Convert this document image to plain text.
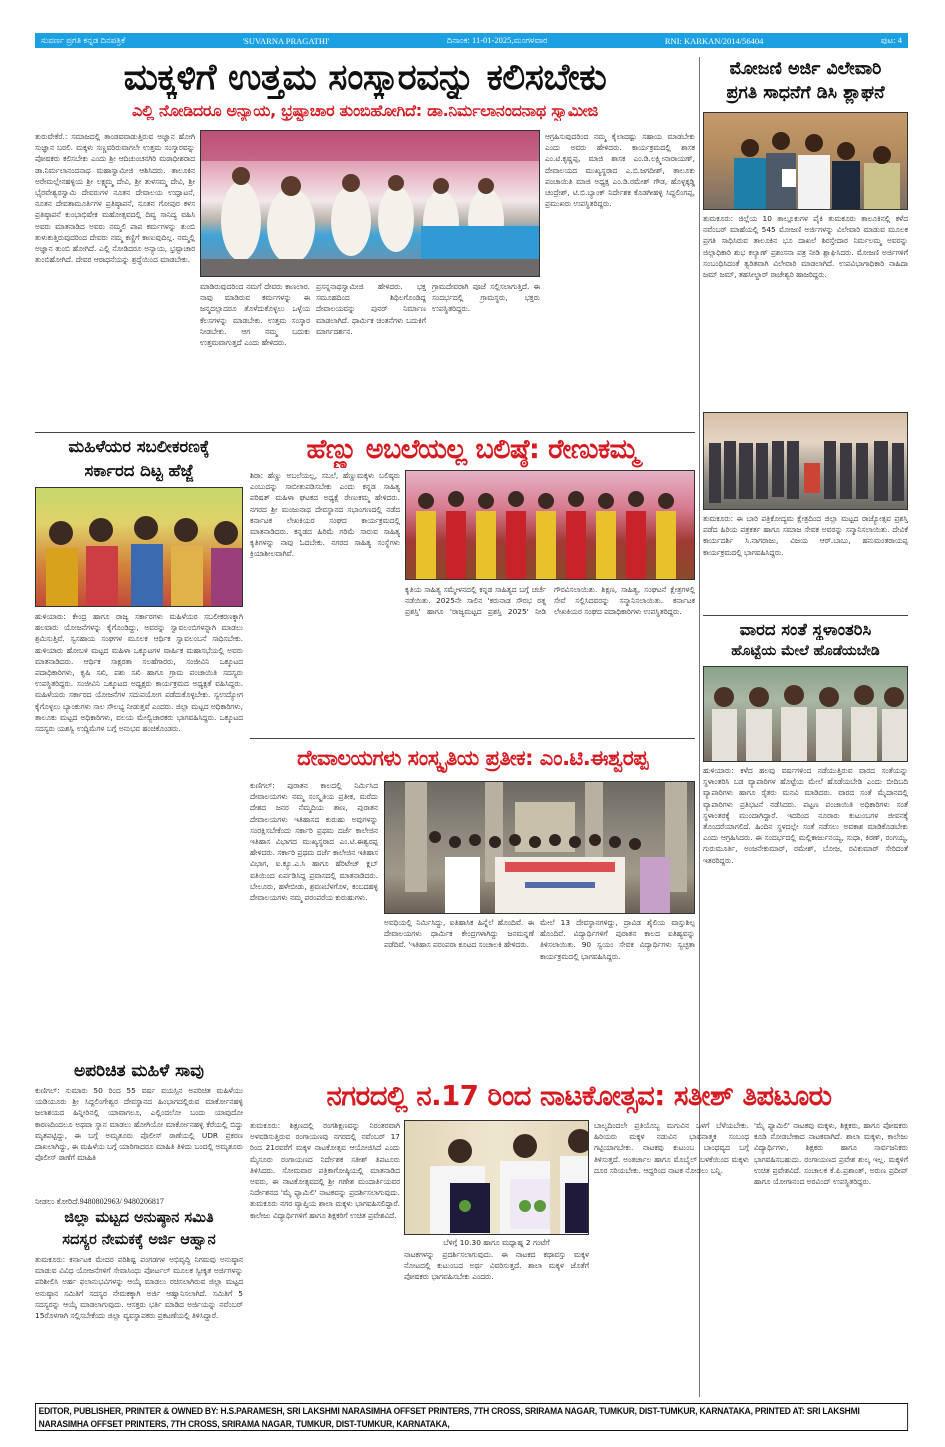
ಸುವರ್ಣ ಪ್ರಗತಿ ಕನ್ನಡ ದಿನಪತ್ರಿಕೆ	'SUVARNA PRAGATHI'	ದಿನಾಂಕ: 11-01-2025,ಮಂಗಳವಾರ	RNI: KARKAN/2014/56404	ಪುಟ: 4
ಮಕ್ಕಳಿಗೆ ಉತ್ತಮ ಸಂಸ್ಕಾರವನ್ನು ಕಲಿಸಬೇಕು
ಎಲ್ಲಿ ನೋಡಿದರೂ ಅನ್ಯಾಯ, ಭ್ರಷ್ಟಾಚಾರ ತುಂಬಿಹೋಗಿದೆ: ಡಾ.ನಿರ್ಮಲಾನಂದನಾಥ ಸ್ವಾಮೀಜಿ
ತುರುವೇಕೆರೆ.: ಸಮಾಜದಲ್ಲಿ ತಾಂಡವವಾಡುತ್ತಿರುವ ಅಜ್ಞಾನ ಹೋಗಿ ಸುಜ್ಞಾನ ಬರಲಿ. ಮಕ್ಕಳು ಸಣ್ಣವರಿರುವಾಗಲೇ ಉತ್ತಮ ಸಂಸ್ಕಾರವನ್ನು ಪೋಷಕರು ಕಲಿಸಬೇಕು ಎಂದು ಶ್ರೀ ಆದಿಚುಂಚನಗಿರಿ ಮಠಾಧೀಶರಾದ ಡಾ.ನಿರ್ಮಲಾನಂದನಾಥ ಮಹಾಸ್ವಾಮೀಜಿ ಆಶಿಸಿದರು. ತಾಲೂಕಿನ ಅರೇಮಲ್ಲೇನಹಳ್ಳಿಯ ಶ್ರೀ ಲಕ್ಷ್ಮಮ್ಮ ದೇವಿ, ಶ್ರೀ ತುಳಸಮ್ಮ ದೇವಿ, ಶ್ರೀ ಭೈರವೇಶ್ವರಸ್ವಾಮಿ ದೇವರುಗಳ ನೂತನ ದೇವಾಲಯ ಉದ್ಘಾಟನೆ, ನೂತನ ದೇವತಾಮೂರ್ತಿಗಳ ಪ್ರತಿಷ್ಠಾಪನೆ, ನೂತನ ಗೋಪುರ ಕಳಸ ಪ್ರತಿಷ್ಠಾಪನೆ ಕುಂಭಾಭಿಷೇಕ ಮಹೋತ್ಸವದಲ್ಲಿ ದಿವ್ಯ ಸಾನಿದ್ಯ ವಹಿಸಿ ಅವರು ಮಾತನಾಡಿದ ಅವರು ನಮ್ಮಲಿ ಪಾಪ ಕರ್ಮಗಳನ್ನು ತುಂಬಿ ತುಳುಕುತ್ತಿರುವುದರಿಂದ ದೇವರು ನಮ್ಮ ಕಣ್ಣಿಗೆ ಕಾಣುವುದಿಲ್ಲ. ನಮ್ಮಲ್ಲಿ ಅಜ್ಞಾನ ತುಂಬಿ ಹೋಗಿದೆ. ಎಲ್ಲಿ ನೋಡಿದರೂ ಅನ್ಯಾಯ, ಭ್ರಷ್ಟಾಚಾರ ತುಂಬಿಹೋಗಿದೆ. ದೇವರ ಆರಾಧನೆಯನ್ನು ಶ್ರದ್ಧೆಯಿಂದ ಮಾಡಬೇಕು.
ಮಾಡಿರುವುದರಿಂದ ನಮಗೆ ದೇವರು ಕಾಣಲಾರ. ನಾವು ಮಾಡಿರುವ ಕರ್ಮಗಳನ್ನು ಈ ಜನ್ಮದಲ್ಲಾದರೂ ತೊಳೆದುಕೊಳ್ಳಲು ಒಳ್ಳೆಯ ಕೆಲಸಗಳನ್ನು ಮಾಡಬೇಕು. ಉತ್ತಮ ಸಂಸ್ಕಾರ ನೀಡಬೇಕು. ಆಗ ನಮ್ಮ ಬದುಕು ಉತ್ತಮವಾಗುತ್ತದೆ ಎಂದು ಹೇಳಿದರು.
ಪ್ರಸನ್ನನಾಥಸ್ವಾಮೀಜಿ ಹೇಳಿದರು. ಭಕ್ತ ಸಮೂಹದಿಂದ ಶಿಥಿಲಗೊಂಡಿದ್ದ ದೇವಾಲಯವನ್ನು ಪುನರ್ ನಿರ್ಮಾಣ ಮಾಡಲಾಗಿದೆ. ಧಾರ್ಮಿಕ ಚಿಂತನೆಗಳು ಬದುಕಿಗೆ ಮಾರ್ಗದರ್ಶನ.
ಗ್ರಾಮದೇವರಾಗಿ ಪೂಜೆ ಸಲ್ಲಿಸಲಾಗುತ್ತಿದೆ. ಈ ಸಂದರ್ಭದಲ್ಲಿ ಗ್ರಾಮಸ್ಥರು, ಭಕ್ತರು ಉಪಸ್ಥಿತರಿದ್ದರು.
ಆಗ್ರಹಿಸುವುದರಿಂದ ನಮ್ಮ ಕೈಲಾದಷ್ಟು ಸಹಾಯ ಮಾಡಬೇಕು ಎಂದು ಅವರು ಹೇಳಿದರು. ಕಾರ್ಯಕ್ರಮದಲ್ಲಿ ಶಾಸಕ ಎಂ.ಟಿ.ಕೃಷ್ಣಪ್ಪ, ಮಾಜಿ ಶಾಸಕ ಎಂ.ಡಿ.ಲಕ್ಷ್ಮೀನಾರಾಯಣ್, ದೇವಾಲಯದ ಮುಖ್ಯಸ್ಥರಾದ ಎ.ಬಿ.ಜಗದೀಶ್, ತಾಲೂಕು ಪಂಚಾಯಿತಿ ಮಾಜಿ ಅಧ್ಯಕ್ಷ ಎಂ.ಡಿ.ರಮೇಶ್ ಗೌಡ, ಹೊಳ್ಳಕ್ಕಡ್ಡಿ ಚಂದ್ರೇಶ್, ಟಿ.ಬಿ.ಬ್ಯಾಂಕ್ ನಿರ್ದೇಶಕ ಕೊಡಗೀಹಳ್ಳಿ ಸಿದ್ದಲಿಂಗಪ್ಪ, ಪ್ರಮುಖರು ಉಪಸ್ಥಿತರಿದ್ದರು.
ಮೋಜಣಿ ಅರ್ಜಿ ವಿಲೇವಾರಿ
ಪ್ರಗತಿ ಸಾಧನೆಗೆ ಡಿಸಿ ಶ್ಲಾಘನೆ
ತುಮಕೂರು: ಜಿಲ್ಲೆಯ 10 ತಾಲ್ಲೂಕುಗಳ ಪೈಕಿ ತುಮಕೂರು ತಾಲೂಕಿನಲ್ಲಿ ಕಳೆದ ನವೆಂಬರ್ ಮಾಹೆಯಲ್ಲಿ 545 ಮೋಜಣಿ ಅರ್ಜಿಗಳನ್ನು ವಿಲೇವಾರಿ ಮಾಡುವ ಮೂಲಕ ಪ್ರಗತಿ ಸಾಧಿಸಿರುವ ತಾಲೂಕಿನ ಭೂ ದಾಖಲೆ ಶಿರಸ್ತೇದಾರ ನಿರ್ಮಲಮ್ಮ ಅವರನ್ನು ಜಿಲ್ಲಾಧಿಕಾರಿ ಶುಭ ಕಲ್ಯಾಣ್ ಪ್ರಶಂಸನಾ ಪತ್ರ ನೀಡಿ ಶ್ಲಾಘಿಸಿದರು. ಮೋಜಣಿ ಅರ್ಜಿಗಳಿಗೆ ಸಂಬಂಧಿಸಿದಂತೆ ತ್ವರಿತವಾಗಿ ವಿಲೇವಾರಿ ಮಾಡಲಾಗಿದೆ. ಉಪವಿಭಾಗಾಧಿಕಾರಿ ನಾಹಿದಾ ಜಮ್ ಜಮ್, ತಹಸೀಲ್ದಾರ್ ರಾಜೇಶ್ವರಿ ಹಾಜರಿದ್ದರು.
ತುಮಕೂರು: ಈ ಬಾರಿ ಪತ್ರಿಕೋದ್ಯಮ ಕ್ಷೇತ್ರದಿಂದ ಜಿಲ್ಲಾ ಮಟ್ಟದ ರಾಜ್ಯೋತ್ಸವ ಪ್ರಶಸ್ತಿ ಪಡೆದ ಹಿರಿಯ ಪತ್ರಕರ್ತ ಹಾಗೂ ಸಮಾಜ ಸೇವಕ ಅವರನ್ನು ಸನ್ಮಾನಿಸಲಾಯಿತು. ದೇವಿಕೆ ಕಾರ್ಯದರ್ಶಿ ಸಿ.ನಾಗರಾಜು, ವಿಜಯ ಆರ್.ಬಾಬು, ಹನುಮಂತರಾಯಪ್ಪ ಕಾರ್ಯಕ್ರಮದಲ್ಲಿ ಭಾಗವಹಿಸಿದ್ದರು.
ವಾರದ ಸಂತೆ ಸ್ಥಳಾಂತರಿಸಿ
ಹೊಟ್ಟೆಯ ಮೇಲೆ ಹೊಡೆಯಬೇಡಿ
ಹುಳಿಯಾರು: ಕಳೆದ ಹಲವು ವರ್ಷಗಳಿಂದ ನಡೆಯುತ್ತಿರುವ ವಾರದ ಸಂತೆಯನ್ನು ಸ್ಥಳಾಂತರಿಸಿ ಬಡ ವ್ಯಾಪಾರಿಗಳ ಹೊಟ್ಟೆಯ ಮೇಲೆ ಹೊಡೆಯಬೇಡಿ ಎಂದು ಬೀದಿಬದಿ ವ್ಯಾಪಾರಿಗಳು ಹಾಗೂ ರೈತರು ಮನವಿ ಮಾಡಿದರು. ವಾರದ ಸಂತೆ ಮೈದಾನದಲ್ಲಿ ವ್ಯಾಪಾರಿಗಳು ಪ್ರತಿಭಟನೆ ನಡೆಸಿದರು. ಪಟ್ಟಣ ಪಂಚಾಯಿತಿ ಅಧಿಕಾರಿಗಳು ಸಂತೆ ಸ್ಥಳಾಂತರಕ್ಕೆ ಮುಂದಾಗಿದ್ದಾರೆ. ಇದರಿಂದ ನೂರಾರು ಕುಟುಂಬಗಳ ಜೀವನಕ್ಕೆ ತೊಂದರೆಯಾಗಲಿದೆ. ಹಿಂದಿನ ಸ್ಥಳದಲ್ಲೇ ಸಂತೆ ನಡೆಸಲು ಅವಕಾಶ ಮಾಡಿಕೊಡಬೇಕು ಎಂದು ಆಗ್ರಹಿಸಿದರು. ಈ ಸಂದರ್ಭದಲ್ಲಿ ಮಲ್ಲಿಕಾರ್ಜುನಯ್ಯ, ಸುಧಾ, ಕಿರಣ್, ರಂಗಯ್ಯ, ಗುರುಮೂರ್ತಿ, ಅಂಜನೇಕುಮಾರ್, ರಮೇಶ್, ಬೋಜ, ರವಿಕುಮಾರ್ ಸೇರಿದಂತೆ ಇತರರಿದ್ದರು.
ಮಹಿಳೆಯರ ಸಬಲೀಕರಣಕ್ಕೆ
ಸರ್ಕಾರದ ದಿಟ್ಟ ಹೆಜ್ಜೆ
ಹುಳಿಯಾರು: ಕೇಂದ್ರ ಹಾಗೂ ರಾಜ್ಯ ಸರ್ಕಾರಗಳು ಮಹಿಳೆಯರ ಸಬಲೀಕರಣಕ್ಕಾಗಿ ಹಲವಾರು ಯೋಜನೆಗಳನ್ನು ಕೈಗೊಂಡಿದ್ದು, ಅವರನ್ನು ಸ್ವಾವಲಂಬಿಗಳನ್ನಾಗಿ ಮಾಡಲು ಶ್ರಮಿಸುತ್ತಿವೆ. ಸ್ವಸಹಾಯ ಸಂಘಗಳ ಮೂಲಕ ಆರ್ಥಿಕ ಸ್ವಾವಲಂಬನೆ ಸಾಧಿಸಬೇಕು. ಹುಳಿಯಾರು ಹೋಬಳಿ ಮಟ್ಟದ ಮಹಿಳಾ ಒಕ್ಕೂಟಗಳ ವಾರ್ಷಿಕ ಮಹಾಸಭೆಯಲ್ಲಿ ಅವರು ಮಾತನಾಡಿದರು. ಆರ್ಥಿಕ ಸಾಕ್ಷರತಾ ಸಲಹೆಗಾರರು, ಸಂಜೀವಿನಿ ಒಕ್ಕೂಟದ ಪದಾಧಿಕಾರಿಗಳು, ಕೃಷಿ ಸಖಿ, ಪಶು ಸಖಿ ಹಾಗೂ ಗ್ರಾಮ ಪಂಚಾಯಿತಿ ಸದಸ್ಯರು ಉಪಸ್ಥಿತರಿದ್ದರು. ಸಂಜೀವಿನಿ ಒಕ್ಕೂಟದ ಅಧ್ಯಕ್ಷರು ಕಾರ್ಯಕ್ರಮದ ಅಧ್ಯಕ್ಷತೆ ವಹಿಸಿದ್ದರು. ಮಹಿಳೆಯರು ಸರ್ಕಾರದ ಯೋಜನೆಗಳ ಸದುಪಯೋಗ ಪಡೆದುಕೊಳ್ಳಬೇಕು. ಸ್ವಉದ್ಯೋಗ ಕೈಗೊಳ್ಳಲು ಬ್ಯಾಂಕುಗಳು ಸಾಲ ಸೌಲಭ್ಯ ನೀಡುತ್ತವೆ ಎಂದರು. ಜಿಲ್ಲಾ ಮಟ್ಟದ ಅಧಿಕಾರಿಗಳು, ತಾಲೂಕು ಮಟ್ಟದ ಅಧಿಕಾರಿಗಳು, ವಲಯ ಮೇಲ್ವಿಚಾರಕರು ಭಾಗವಹಿಸಿದ್ದರು. ಒಕ್ಕೂಟದ ಸದಸ್ಯರು ಯಶಸ್ವಿ ಉದ್ದಿಮೆಗಳ ಬಗ್ಗೆ ಅನುಭವ ಹಂಚಿಕೊಂಡರು.
ಹೆಣ್ಣು ಅಬಲೆಯಲ್ಲ ಬಲಿಷ್ಠೆ: ರೇಣುಕಮ್ಮ
ಶಿರಾ: ಹೆಣ್ಣು ಅಬಲೆಯಲ್ಲ, ಸಬಲೆ, ಹೆಣ್ಣುಮಕ್ಕಳು ಬಲಿಷ್ಠರು ಎಂಬುದನ್ನು ಸಾಬೀತುಪಡಿಸಬೇಕು ಎಂದು ಕನ್ನಡ ಸಾಹಿತ್ಯ ಪರಿಷತ್ ಮಹಿಳಾ ಘಟಕದ ಅಧ್ಯಕ್ಷೆ ರೇಣುಕಮ್ಮ ಹೇಳಿದರು. ನಗರದ ಶ್ರೀ ಮಂಜುನಾಥ ದೇವಸ್ಥಾನದ ಸಭಾಂಗಣದಲ್ಲಿ ನಡೆದ ಕರ್ನಾಟಕ ಲೇಖಕಿಯರ ಸಂಘದ ಕಾರ್ಯಕ್ರಮದಲ್ಲಿ ಮಾತನಾಡಿದರು. ಕನ್ನಡದ ಹಿರಿಮೆ ಗರಿಮೆ ಸಾರುವ ಸಾಹಿತ್ಯ ಕೃತಿಗಳನ್ನು ನಾವು ಓದಬೇಕು. ನಗರದ ಸಾಹಿತ್ಯ ಸಂಸ್ಥೆಗಳು ಕ್ರಿಯಾಶೀಲವಾಗಿವೆ.
ಕೃತಿಯ ಸಾಹಿತ್ಯ ಸಮ್ಮೇಳನದಲ್ಲಿ ಕನ್ನಡ ಸಾಹಿತ್ಯದ ಬಗ್ಗೆ ಚರ್ಚೆ ನಡೆಯಿತು. 2025ನೇ ಸಾಲಿನ 'ಕರುನಾಡ ಸೌರಭ ರತ್ನ ಪ್ರಶಸ್ತಿ' ಹಾಗೂ 'ರಾಜ್ಯಮಟ್ಟದ ಪ್ರಶಸ್ತಿ 2025' ನೀಡಿ ಗೌರವಿಸಲಾಯಿತು. ಶಿಕ್ಷಣ, ಸಾಹಿತ್ಯ, ಸಂಘಟನೆ ಕ್ಷೇತ್ರಗಳಲ್ಲಿ ಸೇವೆ ಸಲ್ಲಿಸಿದವರನ್ನು ಸನ್ಮಾನಿಸಲಾಯಿತು. ಕರ್ನಾಟಕ ಲೇಖಕಿಯರ ಸಂಘದ ಪದಾಧಿಕಾರಿಗಳು ಉಪಸ್ಥಿತರಿದ್ದರು.
ದೇವಾಲಯಗಳು ಸಂಸ್ಕೃತಿಯ ಪ್ರತೀಕ: ಎಂ.ಟಿ.ಈಶ್ವರಪ್ಪ
ಕುಣಿಗಲ್: ಪುರಾತನ ಕಾಲದಲ್ಲಿ ನಿರ್ಮಿಸಿದ ದೇವಾಲಯಗಳು ನಮ್ಮ ಸಂಸ್ಕೃತಿಯ ಪ್ರತೀಕ, ಮರೆದು ದೇಶದ ಜನರ ನೆಮ್ಮದಿಯ ತಾಣ, ಪುರಾತನ ದೇವಾಲಯಗಳು ಇತಿಹಾಸದ ಕುರುಹು ಅವುಗಳನ್ನು ಸಂರಕ್ಷಿಸಬೇಕೆಂದು ಸರ್ಕಾರಿ ಪ್ರಥಮ ದರ್ಜೆ ಕಾಲೇಜಿನ ಇತಿಹಾಸ ವಿಭಾಗದ ಮುಖ್ಯಸ್ಥರಾದ ಎಂ.ಟಿ.ಈಶ್ವರಪ್ಪ ಹೇಳಿದರು. ಸರ್ಕಾರಿ ಪ್ರಥಮ ದರ್ಜೆ ಕಾಲೇಜಿನ ಇತಿಹಾಸ ವಿಭಾಗ, ಐ.ಕ್ಯೂ.ಎ.ಸಿ ಹಾಗೂ ಹೆರಿಟೇಜ್ ಕ್ಲಬ್ ವತಿಯಿಂದ ಏರ್ಪಡಿಸಿದ್ದ ಪ್ರವಾಸದಲ್ಲಿ ಮಾತನಾಡಿದರು. ಬೇಲೂರು, ಹಳೇಬೀಡು, ಶ್ರವಣಬೆಳಗೊಳ, ಕಂಬದಹಳ್ಳಿ ದೇವಾಲಯಗಳು ನಮ್ಮ ಪರಂಪರೆಯ ಕುರುಹುಗಳು.
ಅವಧಿಯಲ್ಲಿ ನಿರ್ಮಿಸಿದ್ದು, ಐತಿಹಾಸಿಕ ಹಿನ್ನೆಲೆ ಹೊಂದಿವೆ. ಈ ದೇವಾಲಯಗಳು ಧಾರ್ಮಿಕ ಕೇಂದ್ರಗಳಾಗಿದ್ದು ಜನಮನ್ನಣೆ ಪಡೆದಿವೆ. 'ಇತಿಹಾಸ ಪರಂಪರಾ ಕೂಟದ ಸಂಚಾಲಕಿ ಹೇಳಿದರು.
ಮೇಲೆ 13 ದೇವಸ್ಥಾನಗಳಿದ್ದು, ದ್ರಾವಿಡ ಶೈಲಿಯ ವಾಸ್ತುಶಿಲ್ಪ ಹೊಂದಿವೆ. ವಿದ್ಯಾರ್ಥಿಗಳಿಗೆ ಪುರಾತನ ಕಾಲದ ಐತಿಹ್ಯವನ್ನು ತಿಳಿಸಲಾಯಿತು. 90 ಸ್ವಯಂ ಸೇವಕ ವಿದ್ಯಾರ್ಥಿಗಳು ಸ್ವಚ್ಛತಾ ಕಾರ್ಯಕ್ರಮದಲ್ಲಿ ಭಾಗವಹಿಸಿದ್ದರು.
ಅಪರಿಚಿತ ಮಹಿಳೆ ಸಾವು
ಕುಣಿಗಲ್: ಸುಮಾರು 50 ರಿಂದ 55 ವರ್ಷ ವಯಸ್ಸಿನ ಅಪರಿಚಿತ ಮಹಿಳೆಯು ಯಡಿಯೂರು ಶ್ರೀ ಸಿದ್ದಲಿಂಗೇಶ್ವರ ದೇವಸ್ಥಾನದ ಹಿಂಭಾಗದಲ್ಲಿರುವ ಮಾರ್ಕೋನಹಳ್ಳಿ ಜಲಾಶಯದ ಹಿನ್ನೀರಿನಲ್ಲಿ ಯಾವಾಗಲೂ, ಎಲ್ಲಿಂದಲೋ ಬಂದು ಯಾವುದೋ ಕಾರಣದಿಂದಲೂ ಅಥವಾ ಸ್ನಾನ ಮಾಡಲು ಹೋಗಿಯೋ ಮಾರ್ಕೋನಹಳ್ಳಿ ಕೆರೆಯಲ್ಲಿ ಬಿದ್ದು ಮೃತಪಟ್ಟಿದ್ದು, ಈ ಬಗ್ಗೆ ಅಮೃತೂರು ಪೊಲೀಸ್ ಠಾಣೆಯಲ್ಲಿ UDR ಪ್ರಕರಣ ದಾಖಲಾಗಿದ್ದು, ಈ ಮಹಿಳೆಯ ಬಗ್ಗೆ ಯಾರಿಗಾದರೂ ಮಾಹಿತಿ ತಿಳಿದು ಬಂದಲ್ಲಿ ಅಮೃತೂರು ಪೊಲೀಸ್ ಠಾಣೆಗೆ ಮಾಹಿತಿ
ನೀಡಲು ಕೋರಿದೆ.9480802963/ 9480206817
ಜಿಲ್ಲಾ ಮಟ್ಟದ ಅನುಷ್ಠಾನ ಸಮಿತಿ
ಸದಸ್ಯರ ನೇಮಕಕ್ಕೆ ಅರ್ಜಿ ಆಹ್ವಾನ
ತುಮಕೂರು: ಕರ್ನಾಟಕ ಮೇದರ ಪರಿಶಿಷ್ಟ ಪಂಗಡಗಳ ಅಭಿವೃದ್ಧಿ ನಿಗಮವು ಅನುಷ್ಠಾನ ಮಾಡುವ ವಿವಿಧ ಯೋಜನೆಗಳಿಗೆ ಸೇವಾಸಿಂಧು ಪೋರ್ಟಲ್ ಮೂಲಕ ಸ್ವೀಕೃತ ಅರ್ಜಿಗಳನ್ನು ಪರಿಶೀಲಿಸಿ ಅರ್ಹ ಫಲಾನುಭವಿಗಳನ್ನು ಆಯ್ಕೆ ಮಾಡಲು ರಚಿಸಲಾಗಿರುವ ಜಿಲ್ಲಾ ಮಟ್ಟದ ಅನುಷ್ಠಾನ ಸಮಿತಿಗೆ ಸದಸ್ಯರ ನೇಮಕಕ್ಕಾಗಿ ಅರ್ಜಿ ಆಹ್ವಾನಿಸಲಾಗಿದೆ. ಸಮಿತಿಗೆ 5 ಸದಸ್ಯರನ್ನು ಆಯ್ಕೆ ಮಾಡಲಾಗುವುದು. ಆಸಕ್ತರು ಭರ್ತಿ ಮಾಡಿದ ಅರ್ಜಿಯನ್ನು ನವೆಂಬರ್ 15ರೊಳಗಾಗಿ ಸಲ್ಲಿಸಬೇಕೆಂದು ಜಿಲ್ಲಾ ವ್ಯವಸ್ಥಾಪಕರು ಪ್ರಕಟಣೆಯಲ್ಲಿ ತಿಳಿಸಿದ್ದಾರೆ.
ನಗರದಲ್ಲಿ ನ.17 ರಿಂದ ನಾಟಕೋತ್ಸವ: ಸತೀಶ್ ತಿಪಟೂರು
ತುಮಕೂರು: ಶಿಕ್ಷಣದಲ್ಲಿ ರಂಗಶಿಕ್ಷಣವನ್ನು ನಿರಂತರವಾಗಿ ಅಳವಡಿಸುತ್ತಿರುವ ರಂಗಾಯಣವು ನಗರದಲ್ಲಿ ನವೆಂಬರ್ 17 ರಿಂದ 21ರವರೆಗೆ ಮಕ್ಕಳ ನಾಟಕೋತ್ಸವ ಆಯೋಜಿಸಿದೆ ಎಂದು ಮೈಸೂರು ರಂಗಾಯಣದ ನಿರ್ದೇಶಕ ಸತೀಶ್ ತಿಪಟೂರು ತಿಳಿಸಿದರು. ಸೋಮವಾರ ಪತ್ರಿಕಾಗೋಷ್ಠಿಯಲ್ಲಿ ಮಾತನಾಡಿದ ಅವರು, ಈ ನಾಟಕೋತ್ಸವದಲ್ಲಿ ಶ್ರೀ ಗಣೇಶ ಮಂದಾರ್ತಿಯವರ ನಿರ್ದೇಶನದ 'ಮೈ ಫ್ಯಾಮಿಲಿ' ನಾಟಕವನ್ನು ಪ್ರದರ್ಶಿಸಲಾಗುವುದು. ತುಮಕೂರು ನಗರ ವ್ಯಾಪ್ತಿಯ ಶಾಲಾ ಮಕ್ಕಳು ಭಾಗವಹಿಸಲಿದ್ದಾರೆ. ಕಾಲೇಜು ವಿದ್ಯಾರ್ಥಿಗಳಿಗೆ ಹಾಗೂ ಶಿಕ್ಷಕರಿಗೆ ಉಚಿತ ಪ್ರವೇಶವಿದೆ.
ಬೆಳಿಗ್ಗೆ 10.30 ಹಾಗೂ ಮಧ್ಯಾಹ್ನ 2 ಗಂಟೆಗೆ
ನಾಟಕಗಳನ್ನು ಪ್ರದರ್ಶಿಸಲಾಗುವುದು. ಈ ನಾಟಕದ ಕಥಾವಸ್ತು ಮಕ್ಕಳ ನೋಟದಲ್ಲಿ ಕುಟುಂಬದ ಅರ್ಥ ವಿವರಿಸುತ್ತದೆ. ಶಾಲಾ ಮಕ್ಕಳ ಜೊತೆಗೆ ಪೋಷಕರು ಭಾಗವಹಿಸಬೇಕು ಎಂದರು.
ಬಾಲ್ಯದಿಂದಲೇ ಪ್ರತಿಯೊಬ್ಬ ಮಗುವಿನ ಒಳಗೆ ಬೆಳೆಯಬೇಕು. ಹಿರಿಯರು ಮಕ್ಕಳ ನಡುವಿನ ಭಾವನಾತ್ಮಕ ಸಂಬಂಧ ಗಟ್ಟಿಯಾಗಬೇಕು. ನಾಟಕವು ಕುಟುಂಬ ಬಾಂಧವ್ಯದ ಬಗ್ಗೆ ತಿಳಿಸುತ್ತದೆ. ಅಂತರ್ಜಾಲ ಹಾಗೂ ಮೊಬೈಲ್ ಬಳಕೆಯಿಂದ ಮಕ್ಕಳು ದೂರ ಸರಿಯಬೇಕು. ಆದ್ದರಿಂದ ನಾಟಕ ನೋಡಲು ಬನ್ನಿ.
'ಮೈ ಫ್ಯಾಮಿಲಿ' ನಾಟಕವು ಮಕ್ಕಳು, ಶಿಕ್ಷಕರು, ಹಾಗೂ ಪೋಷಕರು ಕೂಡಿ ನೋಡಬೇಕಾದ ನಾಟಕವಾಗಿದೆ. ಶಾಲಾ ಮಕ್ಕಳು, ಕಾಲೇಜು ವಿದ್ಯಾರ್ಥಿಗಳು, ಶಿಕ್ಷಕರು ಹಾಗೂ ಸಾರ್ವಜನಿಕರು ಭಾಗವಹಿಸಬಹುದು. ರಂಗಾಯಣದ ಪ್ರವೇಶ ಶುಲ್ಕ ಇಲ್ಲ. ಮಕ್ಕಳಿಗೆ ಉಚಿತ ಪ್ರವೇಶವಿದೆ. ಸಂಚಾಲಕ ಕೆ.ಪಿ.ಪ್ರಶಾಂತ್, ಅರುಣ ಪ್ರದೀಪ್ ಹಾಗೂ ಯೋಗಾನಂದ ಅರವಿಂದ್ ಉಪಸ್ಥಿತರಿದ್ದರು.
EDITOR, PUBLISHER, PRINTER & OWNED BY: H.S.PARAMESH, SRI LAKSHMI NARASIMHA OFFSET PRINTERS, 7TH CROSS, SRIRAMA NAGAR, TUMKUR, DIST-TUMKUR, KARNATAKA, PRINTED AT: SRI LAKSHMI NARASIMHA OFFSET PRINTERS, 7TH CROSS, SRIRAMA NAGAR, TUMKUR, DIST-TUMKUR, KARNATAKA,
